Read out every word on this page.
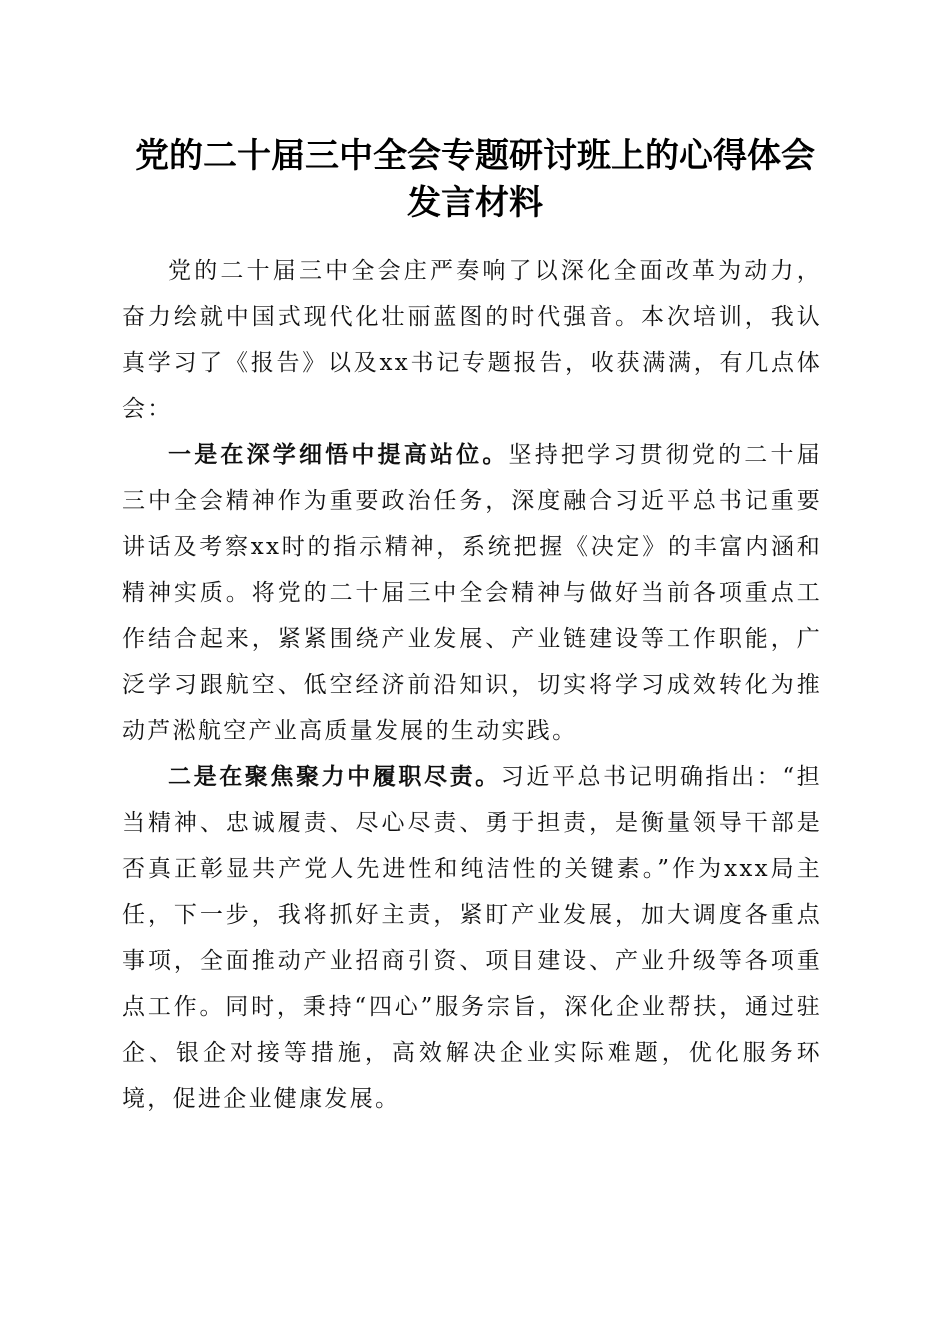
党的二十届三中全会专题研讨班上的心得体会
发言材料

党的二十届三中全会庄严奏响了以深化全面改革为动力，奋力绘就中国式现代化壮丽蓝图的时代强音。本次培训，我认真学习了《报告》以及xx书记专题报告，收获满满，有几点体会：

一是在深学细悟中提高站位。坚持把学习贯彻党的二十届三中全会精神作为重要政治任务，深度融合习近平总书记重要讲话及考察xx时的指示精神，系统把握《决定》的丰富内涵和精神实质。将党的二十届三中全会精神与做好当前各项重点工作结合起来，紧紧围绕产业发展、产业链建设等工作职能，广泛学习跟航空、低空经济前沿知识，切实将学习成效转化为推动芦淞航空产业高质量发展的生动实践。

二是在聚焦聚力中履职尽责。习近平总书记明确指出：“担当精神、忠诚履责、尽心尽责、勇于担责，是衡量领导干部是否真正彰显共产党人先进性和纯洁性的关键素。”作为xxx局主任，下一步，我将抓好主责，紧盯产业发展，加大调度各重点事项，全面推动产业招商引资、项目建设、产业升级等各项重点工作。同时，秉持“四心”服务宗旨，深化企业帮扶，通过驻企、银企对接等措施，高效解决企业实际难题，优化服务环境，促进企业健康发展。
